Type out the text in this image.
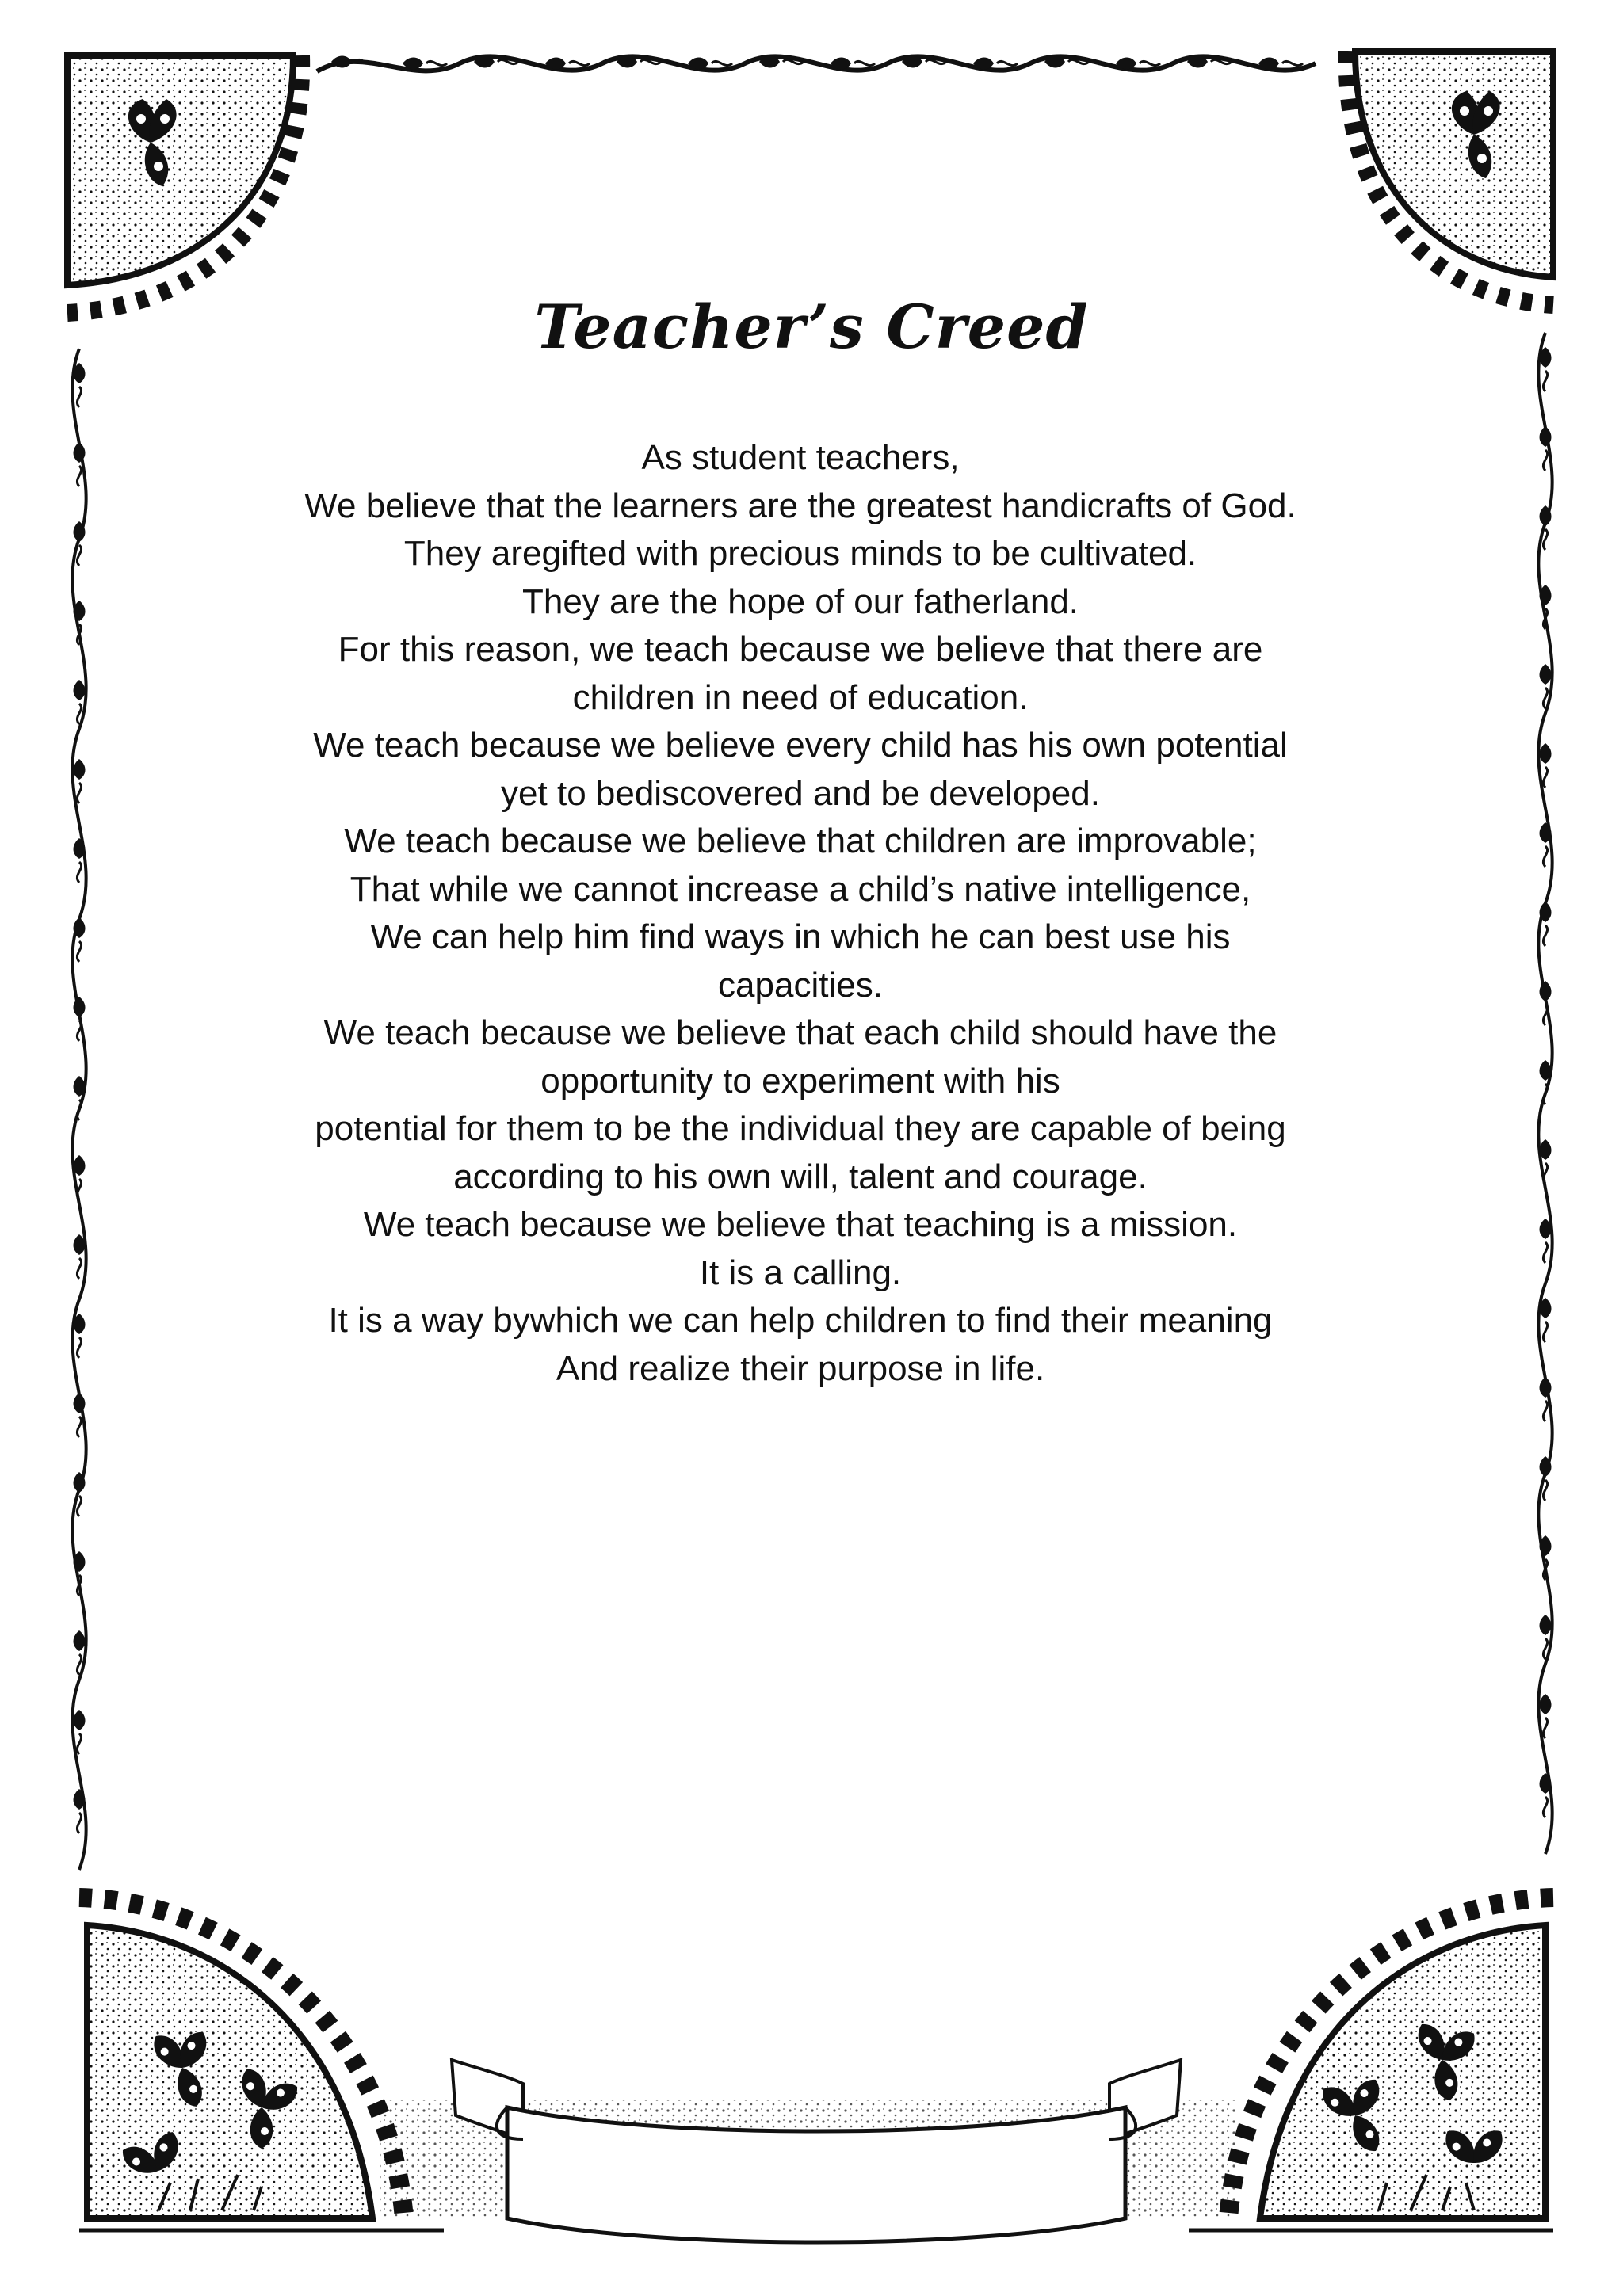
Teacher’s Creed
As student teachers,
We believe that the learners are the greatest handicrafts of God.
They aregifted with precious minds to be cultivated.
They are the hope of our fatherland.
For this reason, we teach because we believe that there are
children in need of education.
We teach because we believe every child has his own potential
yet to bediscovered and be developed.
We teach because we believe that children are improvable;
That while we cannot increase a child’s native intelligence,
We can help him find ways in which he can best use his
capacities.
We teach because we believe that each child should have the
opportunity to experiment with his
potential for them to be the individual they are capable of being
according to his own will, talent and courage.
We teach because we believe that teaching is a mission.
It is a calling.
It is a way bywhich we can help children to find their meaning
And realize their purpose in life.
